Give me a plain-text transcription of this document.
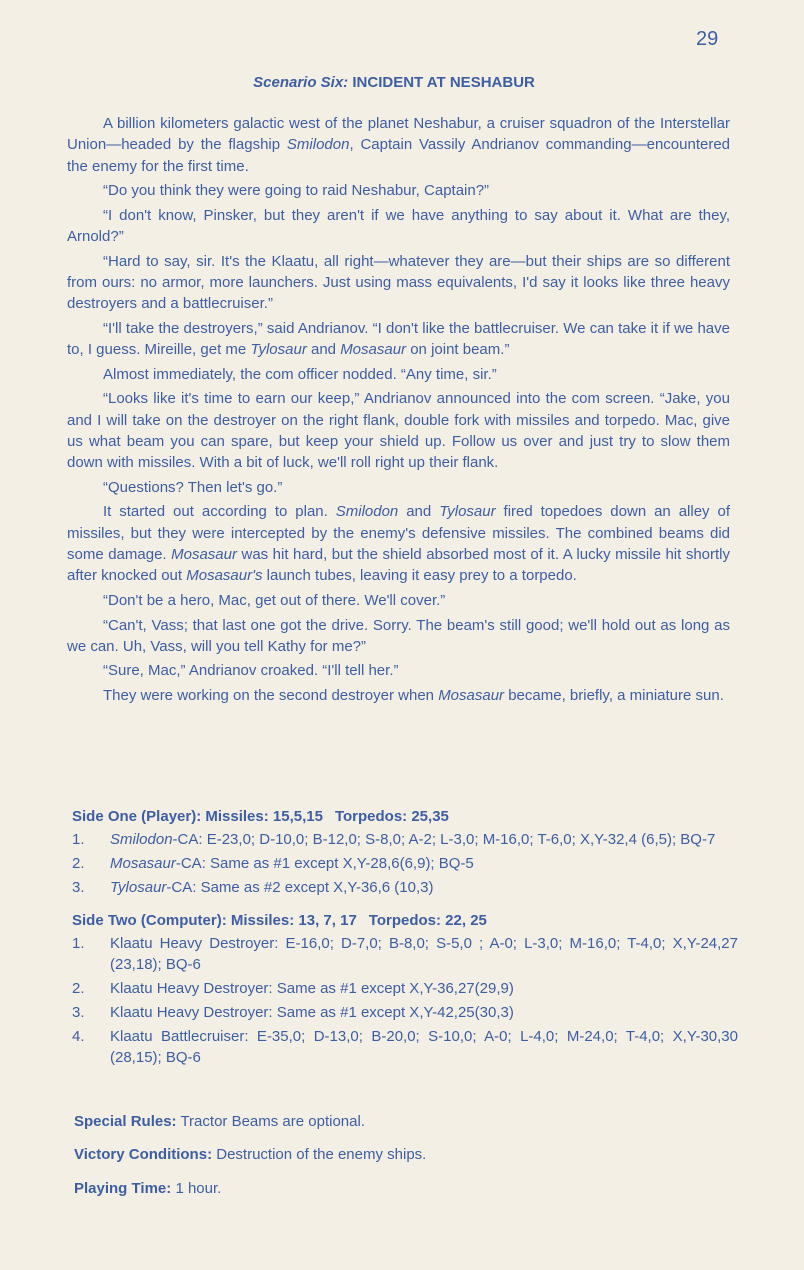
29
Scenario Six: INCIDENT AT NESHABUR

A billion kilometers galactic west of the planet Neshabur, a cruiser squadron of the Interstellar Union—headed by the flagship Smilodon, Captain Vassily Andrianov commanding—encountered the enemy for the first time.

“Do you think they were going to raid Neshabur, Captain?”

“I don't know, Pinsker, but they aren't if we have anything to say about it. What are they, Arnold?”

“Hard to say, sir. It's the Klaatu, all right—whatever they are—but their ships are so different from ours: no armor, more launchers. Just using mass equivalents, I'd say it looks like three heavy destroyers and a battlecruiser.”

“I'll take the destroyers,” said Andrianov. “I don't like the battlecruiser. We can take it if we have to, I guess. Mireille, get me Tylosaur and Mosasaur on joint beam.”

Almost immediately, the com officer nodded. “Any time, sir.”

“Looks like it's time to earn our keep,” Andrianov announced into the com screen. “Jake, you and I will take on the destroyer on the right flank, double fork with missiles and torpedo. Mac, give us what beam you can spare, but keep your shield up. Follow us over and just try to slow them down with missiles. With a bit of luck, we'll roll right up their flank.

“Questions? Then let's go.”

It started out according to plan. Smilodon and Tylosaur fired topedoes down an alley of missiles, but they were intercepted by the enemy's defensive missiles. The combined beams did some damage. Mosasaur was hit hard, but the shield absorbed most of it. A lucky missile hit shortly after knocked out Mosasaur's launch tubes, leaving it easy prey to a torpedo.

“Don't be a hero, Mac, get out of there. We'll cover.”

“Can't, Vass; that last one got the drive. Sorry. The beam's still good; we'll hold out as long as we can. Uh, Vass, will you tell Kathy for me?”

“Sure, Mac,” Andrianov croaked. “I'll tell her.”

They were working on the second destroyer when Mosasaur became, briefly, a miniature sun.

Side One (Player): Missiles: 15,5,15 Torpedos: 25,35
1.	Smilodon-CA: E-23,0; D-10,0; B-12,0; S-8,0; A-2; L-3,0; M-16,0; T-6,0; X,Y-32,4 (6,5); BQ-7
2.	Mosasaur-CA: Same as #1 except X,Y-28,6(6,9); BQ-5
3.	Tylosaur-CA: Same as #2 except X,Y-36,6 (10,3)
Side Two (Computer): Missiles: 13, 7, 17 Torpedos: 22, 25
1.	Klaatu Heavy Destroyer: E-16,0; D-7,0; B-8,0; S-5,0 ; A-0; L-3,0; M-16,0; T-4,0; X,Y-24,27 (23,18); BQ-6
2.	Klaatu Heavy Destroyer: Same as #1 except X,Y-36,27(29,9)
3.	Klaatu Heavy Destroyer: Same as #1 except X,Y-42,25(30,3)
4.	Klaatu Battlecruiser: E-35,0; D-13,0; B-20,0; S-10,0; A-0; L-4,0; M-24,0; T-4,0; X,Y-30,30 (28,15); BQ-6
Special Rules: Tractor Beams are optional.
Victory Conditions: Destruction of the enemy ships.
Playing Time: 1 hour.
